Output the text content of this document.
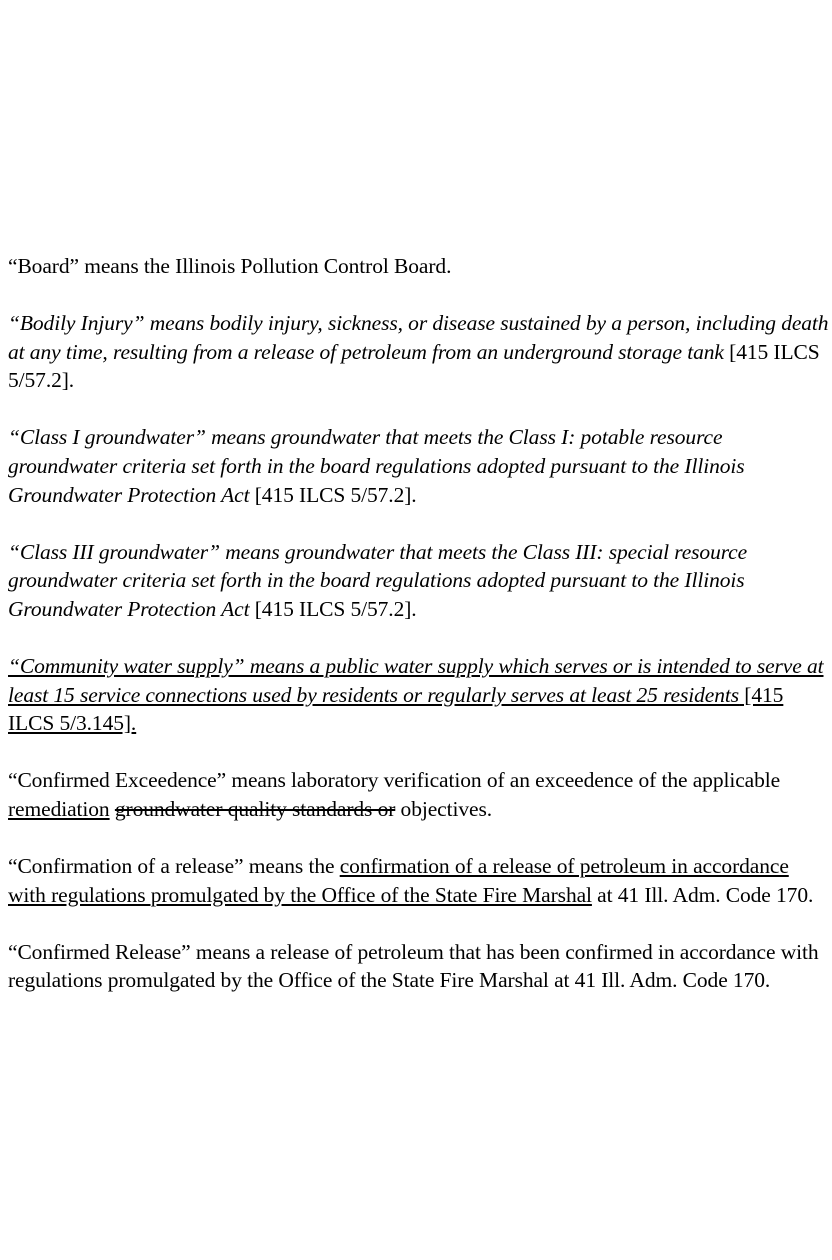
“Board” means the Illinois Pollution Control Board.

“Bodily Injury” means bodily injury, sickness, or disease sustained by a person, including death at any time, resulting from a release of petroleum from an underground storage tank [415 ILCS 5/57.2].

“Class I groundwater” means groundwater that meets the Class I: potable resource groundwater criteria set forth in the board regulations adopted pursuant to the Illinois Groundwater Protection Act [415 ILCS 5/57.2].

“Class III groundwater” means groundwater that meets the Class III: special resource groundwater criteria set forth in the board regulations adopted pursuant to the Illinois Groundwater Protection Act [415 ILCS 5/57.2].

“Community water supply” means a public water supply which serves or is intended to serve at least 15 service connections used by residents or regularly serves at least 25 residents [415 ILCS 5/3.145].

“Confirmed Exceedence” means laboratory verification of an exceedence of the applicable remediation groundwater quality standards or objectives.

“Confirmation of a release” means the confirmation of a release of petroleum in accordance with regulations promulgated by the Office of the State Fire Marshal at 41 Ill. Adm. Code 170.

“Confirmed Release” means a release of petroleum that has been confirmed in accordance with regulations promulgated by the Office of the State Fire Marshal at 41 Ill. Adm. Code 170.
